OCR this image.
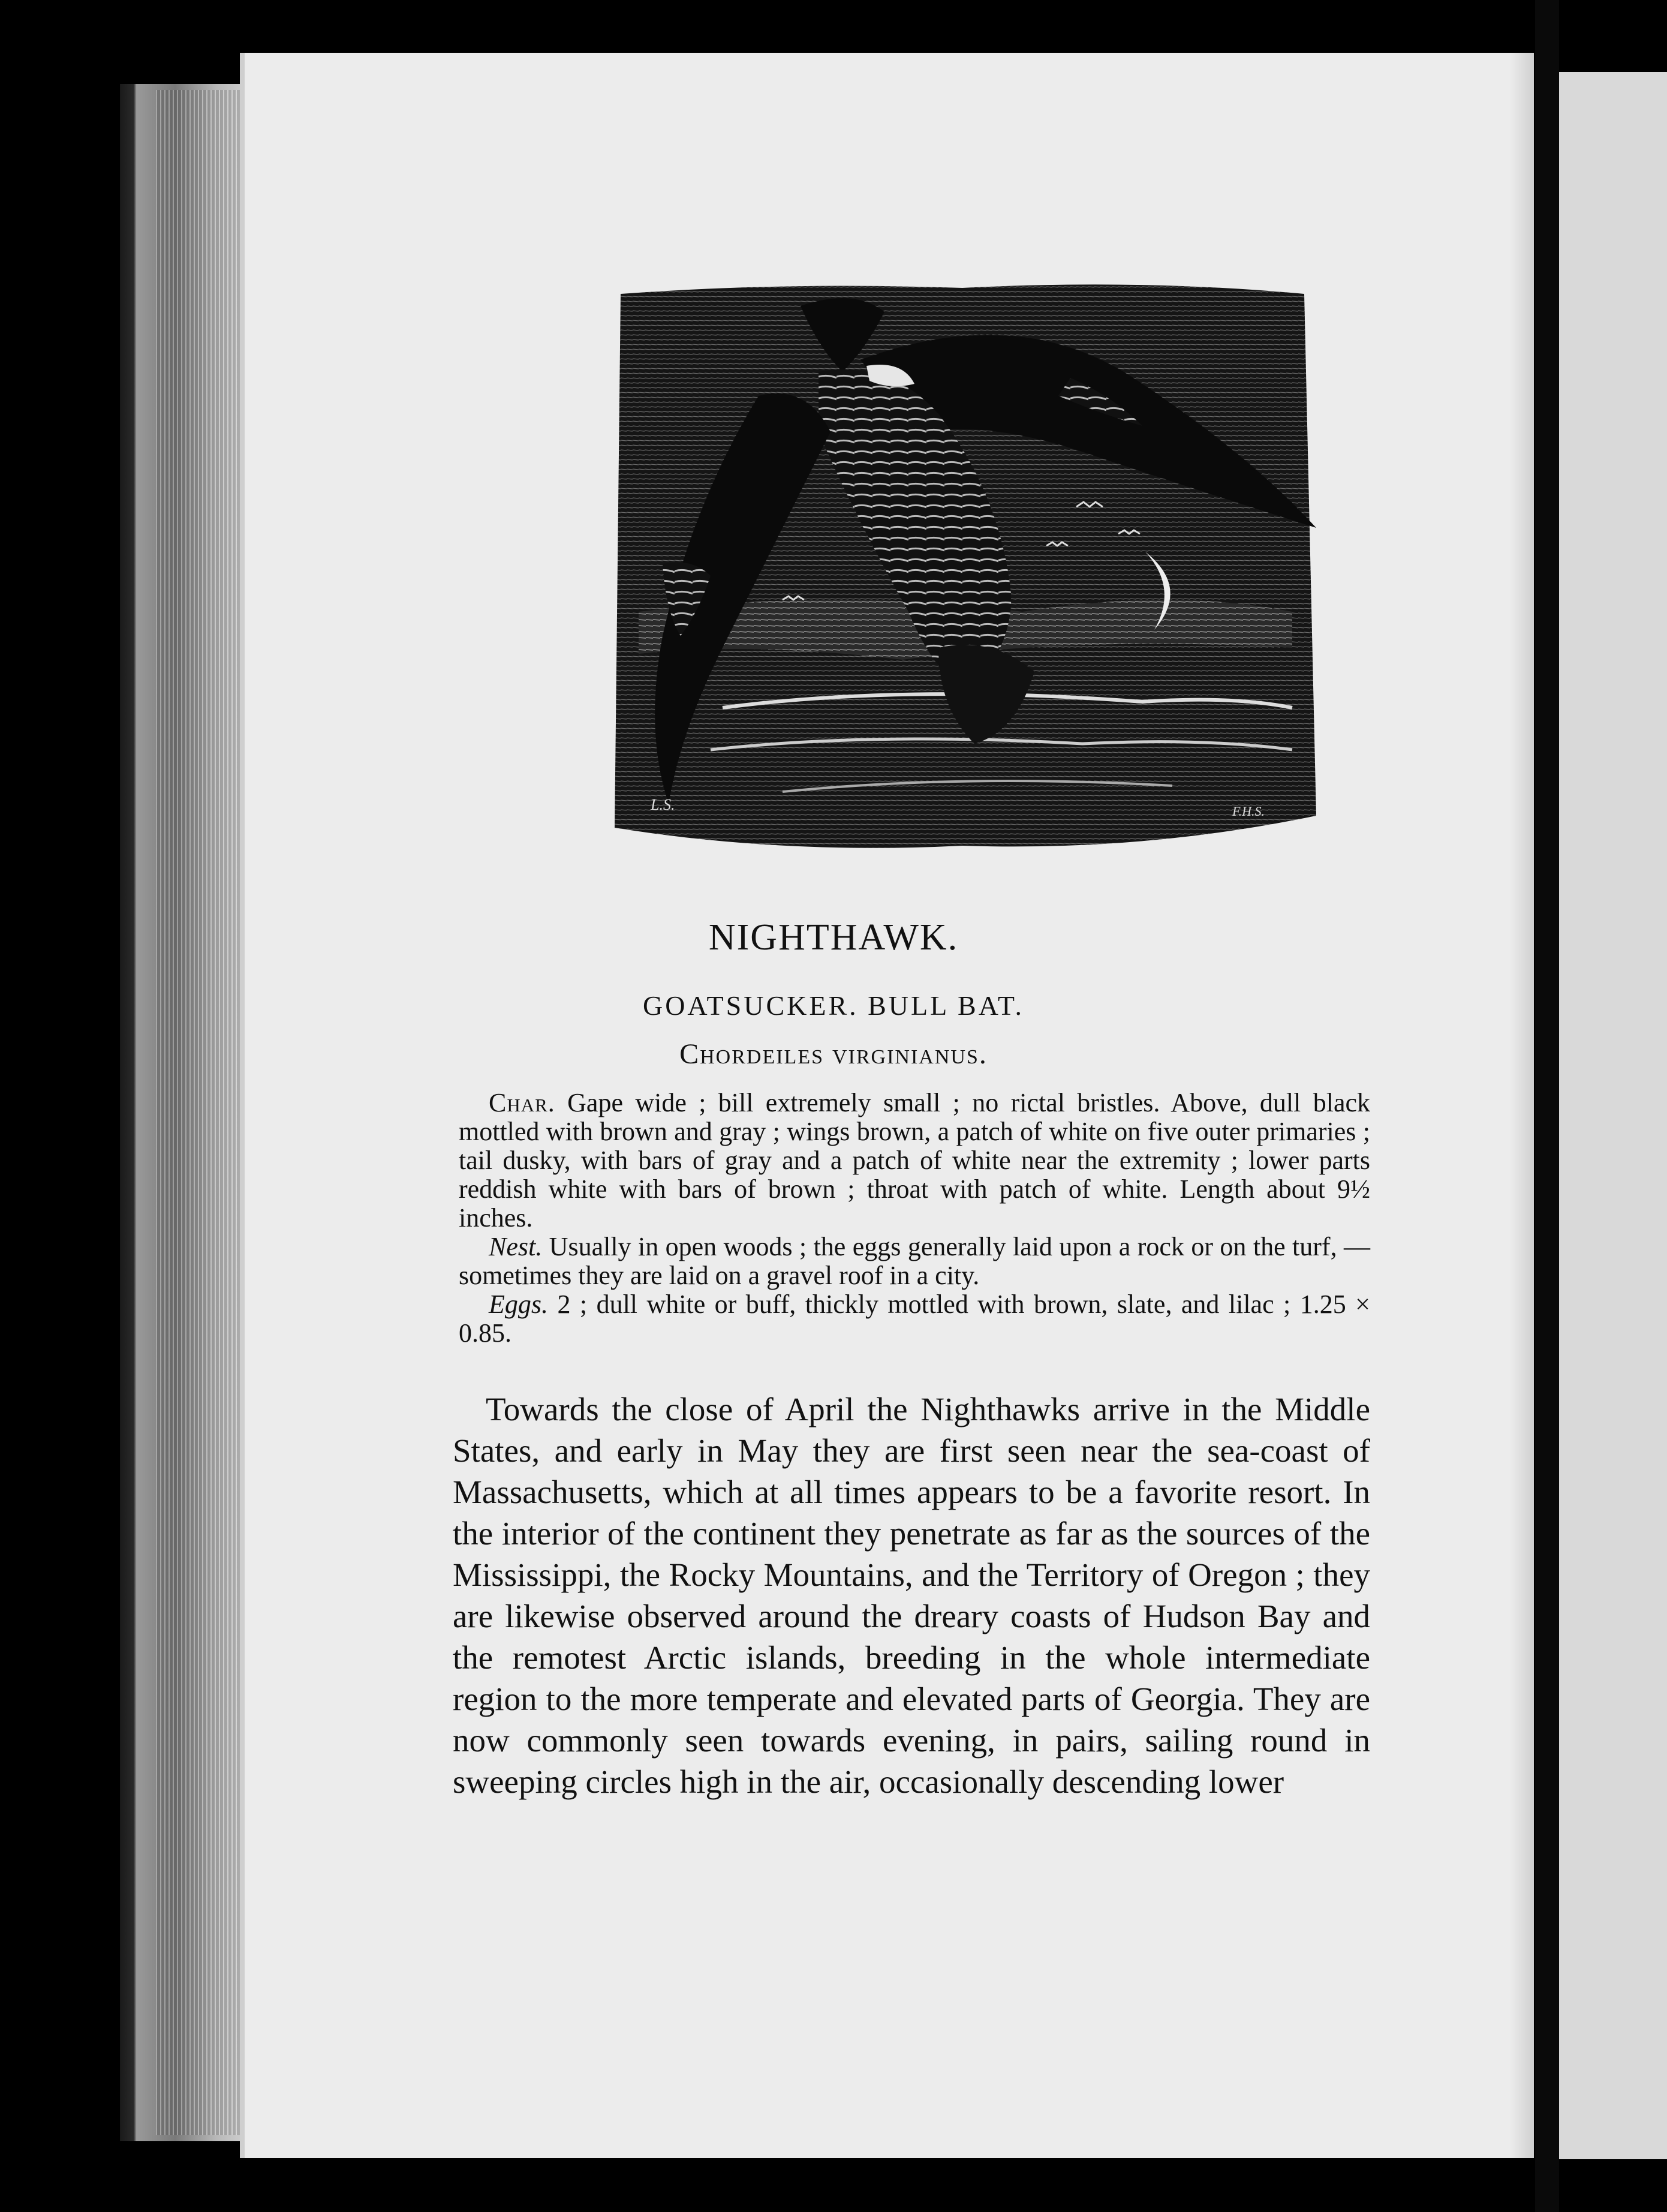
L.S.	F.H.S.
NIGHTHAWK.
GOATSUCKER. BULL BAT.
Chordeiles virginianus.

Char. Gape wide ; bill extremely small ; no rictal bristles. Above, dull black mottled with brown and gray ; wings brown, a patch of white on five outer primaries ; tail dusky, with bars of gray and a patch of white near the extremity ; lower parts reddish white with bars of brown ; throat with patch of white. Length about 9½ inches.

Nest. Usually in open woods ; the eggs generally laid upon a rock or on the turf, — sometimes they are laid on a gravel roof in a city.

Eggs. 2 ; dull white or buff, thickly mottled with brown, slate, and lilac ; 1.25 × 0.85.

Towards the close of April the Nighthawks arrive in the Middle States, and early in May they are first seen near the sea-coast of Massachusetts, which at all times appears to be a favorite resort. In the interior of the continent they penetrate as far as the sources of the Mississippi, the Rocky Mountains, and the Territory of Oregon ; they are likewise observed around the dreary coasts of Hudson Bay and the remotest Arctic islands, breeding in the whole intermediate region to the more temperate and elevated parts of Georgia. They are now commonly seen towards evening, in pairs, sailing round in sweeping circles high in the air, occasionally descending lower
